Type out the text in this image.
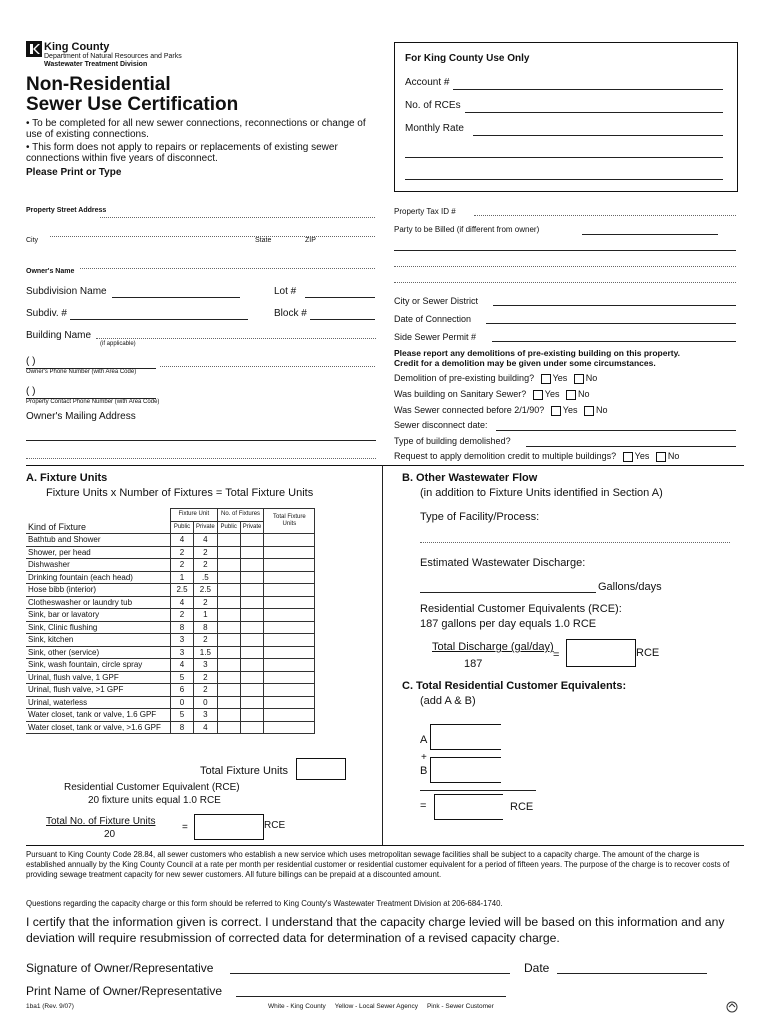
King County
Department of Natural Resources and Parks
Wastewater Treatment Division
Non-Residential
Sewer Use Certification
• To be completed for all new sewer connections, reconnections or change of use of existing connections.
• This form does not apply to repairs or replacements of existing sewer connections within five years of disconnect.
Please Print or Type
For King County Use Only
Account #
No. of RCEs
Monthly Rate
Property Street Address
City	State	ZIP
Owner's Name
Subdivision Name	Lot #
Subdiv. #	Block #
Building Name
(if applicable)
( )
Owner's Phone Number (with Area Code)
( )
Property Contact Phone Number (with Area Code)
Owner's Mailing Address
Property Tax ID #
Party to be Billed (if different from owner)
City or Sewer District
Date of Connection
Side Sewer Permit #
Please report any demolitions of pre-existing building on this property.
Credit for a demolition may be given under some circumstances.
Demolition of pre-existing building? Yes No
Was building on Sanitary Sewer? Yes No
Was Sewer connected before 2/1/90? Yes No
Sewer disconnect date:
Type of building demolished?
Request to apply demolition credit to multiple buildings? Yes No
A. Fixture Units
Fixture Units x Number of Fixtures = Total Fixture Units
Kind of Fixture	Fixture Unit		No. of Fixtures		Total Fixture Units
	Public	Private	Public	Private	
Bathtub and Shower	4	4			
Shower, per head	2	2			
Dishwasher	2	2			
Drinking fountain (each head)	1	.5			
Hose bibb (interior)	2.5	2.5			
Clotheswasher or laundry tub	4	2			
Sink, bar or lavatory	2	1			
Sink, Clinic flushing	8	8			
Sink, kitchen	3	2			
Sink, other (service)	3	1.5			
Sink, wash fountain, circle spray	4	3			
Urinal, flush valve, 1 GPF	5	2			
Urinal, flush valve, >1 GPF	6	2			
Urinal, waterless	0	0			
Water closet, tank or valve, 1.6 GPF	5	3			
Water closet, tank or valve, >1.6 GPF	8	4			
Total Fixture Units
Residential Customer Equivalent (RCE)
20 fixture units equal 1.0 RCE
Total No. of Fixture Units
20
=	RCE
B. Other Wastewater Flow
(in addition to Fixture Units identified in Section A)
Type of Facility/Process:
Estimated Wastewater Discharge:
Gallons/days
Residential Customer Equivalents (RCE):
187 gallons per day equals 1.0 RCE
Total Discharge (gal/day)
187
=	RCE
C. Total Residential Customer Equivalents:
(add A & B)
A
+
B
=	RCE
Pursuant to King County Code 28.84, all sewer customers who establish a new service which uses metropolitan sewage facilities shall be subject to a capacity charge. The amount of the charge is established annually by the King County Council at a rate per month per residential customer or residential customer equivalent for a period of fifteen years. The purpose of the charge is to recover costs of providing sewage treatment capacity for new sewer customers. All future billings can be prepaid at a discounted amount.
Questions regarding the capacity charge or this form should be referred to King County's Wastewater Treatment Division at 206-684-1740.
I certify that the information given is correct. I understand that the capacity charge levied will be based on this information and any deviation will require resubmission of corrected data for determination of a revised capacity charge.
Signature of Owner/Representative	Date
Print Name of Owner/Representative
1ba1 (Rev. 9/07)	White - King County     Yellow - Local Sewer Agency     Pink - Sewer Customer
